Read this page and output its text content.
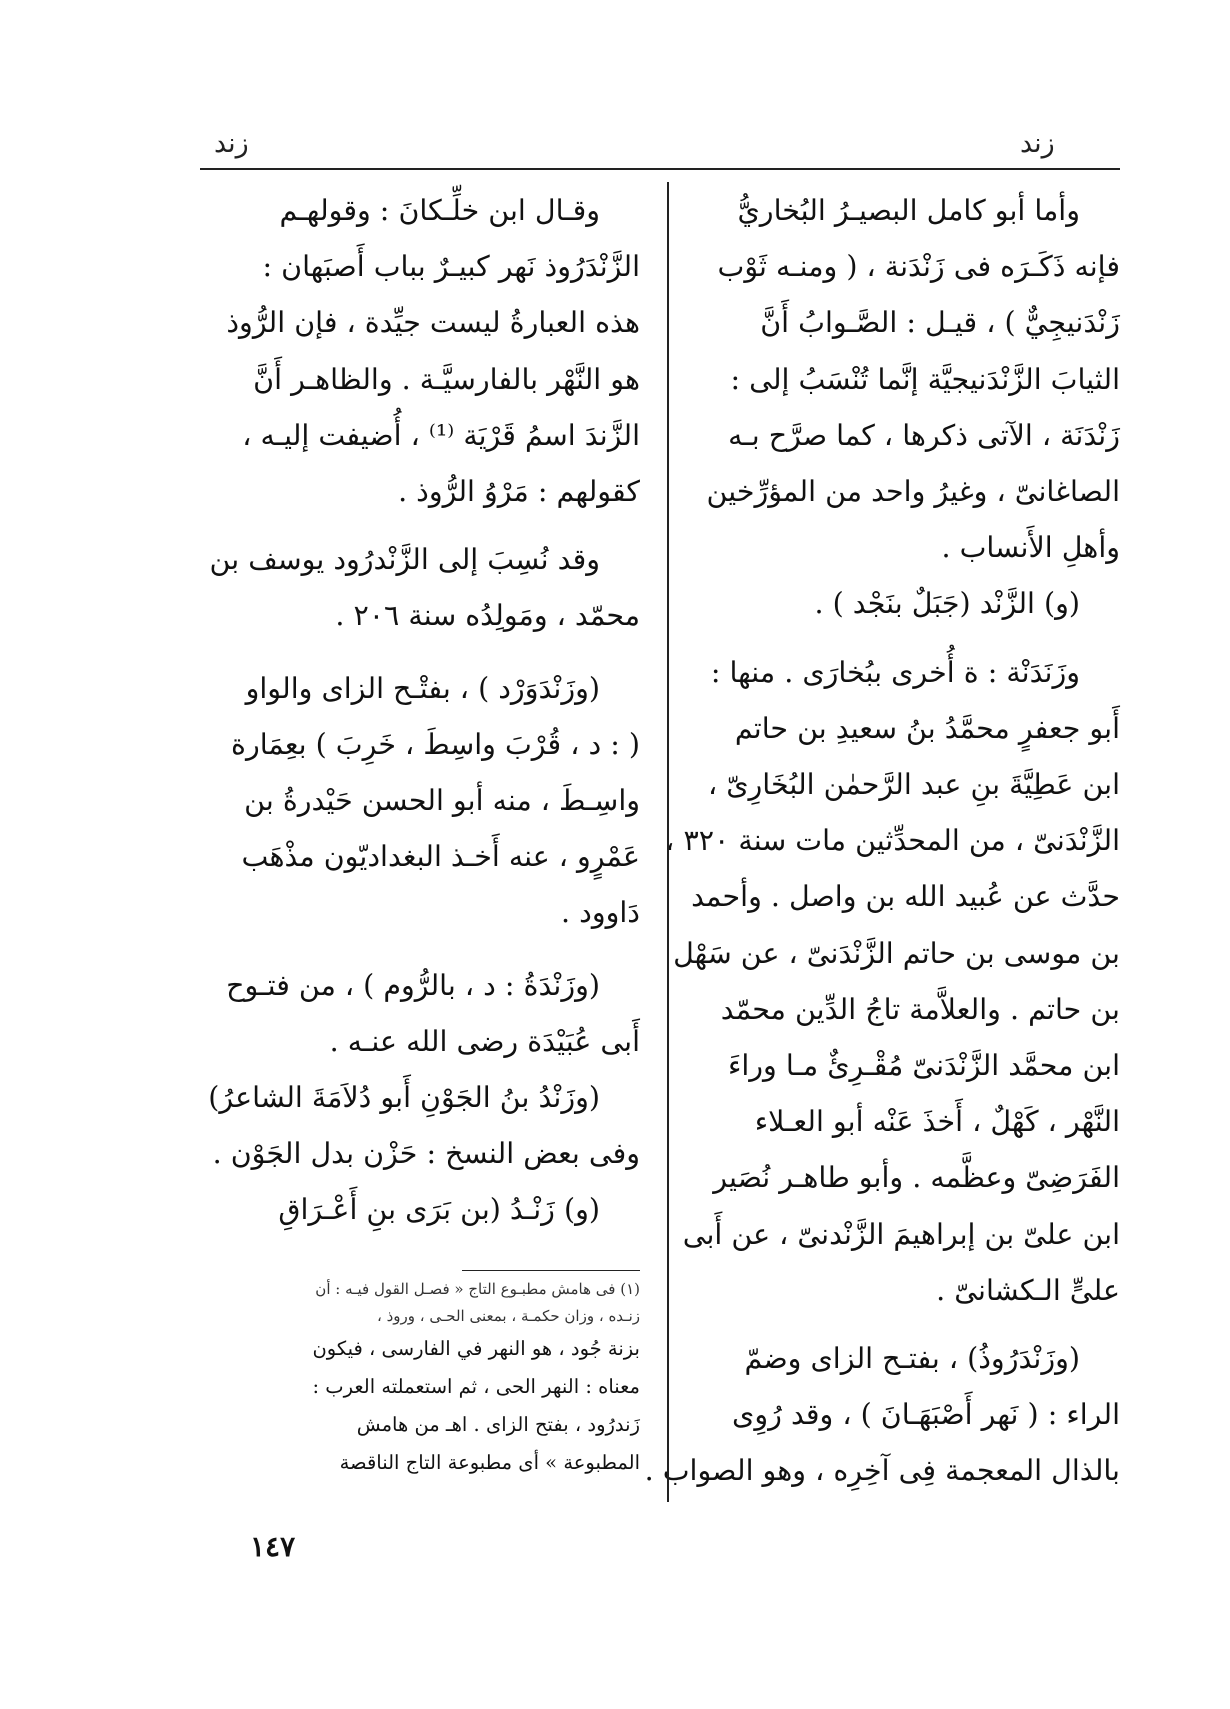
زند
زند
وأما أبو كامل البصيـرُ البُخاريُّ
فإنه ذَكَـرَه فى زَنْدَنة ، ( ومنـه ثَوْب
زَنْدَنيجِيٌّ ) ، قيـل : الصَّـوابُ أَنَّ
الثيابَ الزَّنْدَنيجيَّة إنَّما تُنْسَبُ إلى :
زَنْدَنَة ، الآتى ذكرها ، كما صرَّح بـه
الصاغانىّ ، وغيرُ واحد من المؤرِّخين
وأهلِ الأَنساب .
(و) الزَّنْد (جَبَلٌ بنَجْد ) .
وزَنَدَنْة : ة أُخرى ببُخارَى . منها :
أَبو جعفرٍ محمَّدُ بنُ سعيدِ بن حاتم
ابن عَطِيَّةَ بنِ عبد الرَّحمٰن البُخَارِىّ ،
الزَّنْدَنىّ ، من المحدِّثين مات سنة ٣٢٠ ،
حدَّث عن عُبيد الله بن واصل . وأحمد
بن موسى بن حاتم الزَّنْدَنىّ ، عن سَهْل
بن حاتم . والعلاَّمة تاجُ الدِّين محمّد
ابن محمَّد الزَّنْدَنىّ مُقْـرِئٌ مـا وراءَ
النَّهْر ، كَهْلٌ ، أَخذَ عَنْه أبو العـلاء
الفَرَضِىّ وعظَّمه . وأبو طاهـر نُصَير
ابن علىّ بن إبراهيمَ الزَّنْدنىّ ، عن أَبى
علىٍّ الـكشانىّ .
(وزَنْدَرُوذُ) ، بفتـح الزاى وضمّ
الراء : ( نَهر أَصْبَهَـانَ ) ، وقد رُوِى
بالذال المعجمة فِى آخِرِه ، وهو الصواب .
وقـال ابن خلِّـكانَ : وقولهـم
الزَّنْدَرُوذ نَهر كبيـرٌ بباب أَصبَهان :
هذه العبارةُ ليست جيِّدة ، فإن الرُّوذ
هو النَّهْر بالفارسيَّـة . والظاهـر أَنَّ
الزَّندَ اسمُ قَرْيَة ⁽¹⁾ ، أُضيفت إليـه ،
كقولهم : مَرْوُ الرُّوذ .
وقد نُسِبَ إلى الزَّنْدرُود يوسف بن
محمّد ، ومَولِدُه سنة ٢٠٦ .
(وزَنْدَوَرْد ) ، بفتْـح الزاى والواو
( : د ، قُرْبَ واسِطَ ، خَرِبَ ) بعِمَارة
واسِـطَ ، منه أبو الحسن حَيْدرةُ بن
عَمْرٍو ، عنه أَخـذ البغداديّون مذْهَب
دَاوود .
(وزَنْدَةُ : د ، بالرُّوم ) ، من فتـوح
أَبى عُبَيْدَة رضى الله عنـه .
(وزَنْدُ بنُ الجَوْنِ أَبو دُلاَمَةَ الشاعرُ)
وفى بعض النسخ : حَزْن بدل الجَوْن .
(و) زَنْـدُ (بن بَرَى بنِ أَعْـرَاقِ
(١) فى هامش مطبـوع التاج « فصـل القول فيـه : أن
زنـده ، وزان حكمـة ، بمعنى الحـى ، وروذ ،
بزنة جُود ، هو النهر في الفارسى ، فيكون
معناه : النهر الحى ، ثم استعملته العرب :
زَندرُود ، بفتح الزاى . اهـ من هامش
المطبوعة » أى مطبوعة التاج الناقصة
١٤٧
